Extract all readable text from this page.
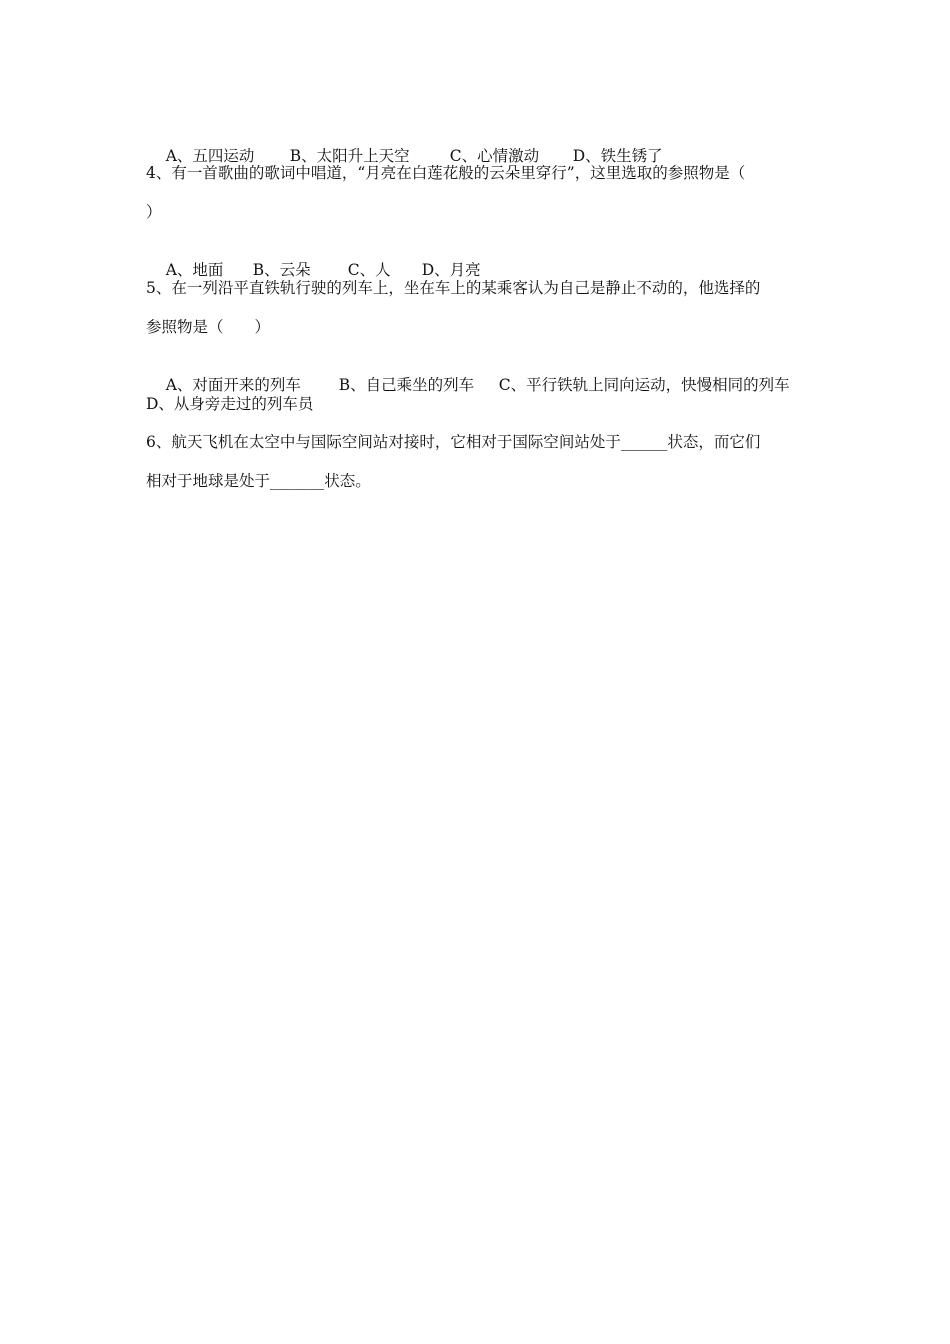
A、五四运动 B、太阳升上天空	C、心情激动 D、铁生锈了

4、有一首歌曲的歌词中唱道，“月亮在白莲花般的云朵里穿行”，这里选取的参照物是（
）

A、地面 B、云朵 C、人 D、月亮

5、在一列沿平直铁轨行驶的列车上，坐在车上的某乘客认为自己是静止不动的，他选择的
参照物是（　　）

A、对面开来的列车 B、自己乘坐的列车 C、平行铁轨上同向运动，快慢相同的列车

D、从身旁走过的列车员
6、航天飞机在太空中与国际空间站对接时，它相对于国际空间站处于______状态，而它们
相对于地球是处于_______状态。
